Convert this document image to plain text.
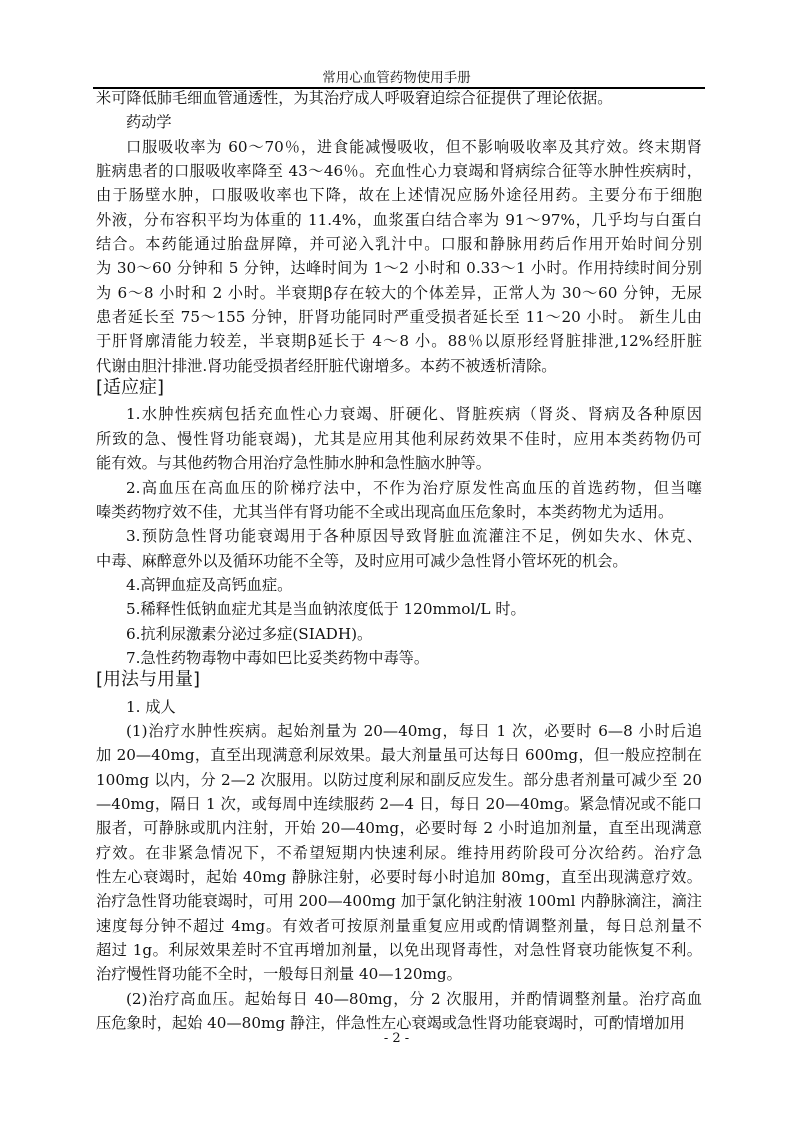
常用心血管药物使用手册
米可降低肺毛细血管通透性，为其治疗成人呼吸窘迫综合征提供了理论依据。
药动学
口服吸收率为 60～70％，进食能减慢吸收，但不影响吸收率及其疗效。终末期肾
脏病患者的口服吸收率降至 43～46％。充血性心力衰竭和肾病综合征等水肿性疾病时，
由于肠壁水肿，口服吸收率也下降，故在上述情况应肠外途径用药。主要分布于细胞
外液，分布容积平均为体重的 11.4%，血浆蛋白结合率为 91～97%，几乎均与白蛋白
结合。本药能通过胎盘屏障，并可泌入乳汁中。口服和静脉用药后作用开始时间分别
为 30～60 分钟和 5 分钟，达峰时间为 1～2 小时和 0.33～1 小时。作用持续时间分别
为 6～8 小时和 2 小时。半衰期β存在较大的个体差异，正常人为 30～60 分钟，无尿
患者延长至 75～155 分钟，肝肾功能同时严重受损者延长至 11～20 小时。 新生儿由
于肝肾廓清能力较差，半衰期β延长于 4～8 小。88％以原形经肾脏排泄,12%经肝脏
代谢由胆汁排泄.肾功能受损者经肝脏代谢增多。本药不被透析清除。
[适应症]
1.水肿性疾病包括充血性心力衰竭、肝硬化、肾脏疾病（肾炎、肾病及各种原因
所致的急、慢性肾功能衰竭)，尤其是应用其他利尿药效果不佳时，应用本类药物仍可
能有效。与其他药物合用治疗急性肺水肿和急性脑水肿等。
2.高血压在高血压的阶梯疗法中，不作为治疗原发性高血压的首选药物，但当噻
嗪类药物疗效不佳，尤其当伴有肾功能不全或出现高血压危象时，本类药物尤为适用。
3.预防急性肾功能衰竭用于各种原因导致肾脏血流灌注不足，例如失水、休克、
中毒、麻醉意外以及循环功能不全等，及时应用可减少急性肾小管坏死的机会。
4.高钾血症及高钙血症。
5.稀释性低钠血症尤其是当血钠浓度低于 120mmol/L 时。
6.抗利尿激素分泌过多症(SIADH)。
7.急性药物毒物中毒如巴比妥类药物中毒等。
[用法与用量]
1. 成人
(1)治疗水肿性疾病。起始剂量为 20—40mg，每日 1 次，必要时 6—8 小时后追
加 20—40mg，直至出现满意利尿效果。最大剂量虽可达每日 600mg，但一般应控制在
100mg 以内，分 2—2 次服用。以防过度利尿和副反应发生。部分患者剂量可减少至 20
—40mg，隔日 1 次，或每周中连续服药 2—4 日，每日 20—40mg。紧急情况或不能口
服者，可静脉或肌内注射，开始 20—40mg，必要时每 2 小时追加剂量，直至出现满意
疗效。在非紧急情况下，不希望短期内快速利尿。维持用药阶段可分次给药。治疗急
性左心衰竭时，起始 40mg 静脉注射，必要时每小时追加 80mg，直至出现满意疗效。
治疗急性肾功能衰竭时，可用 200—400mg 加于氯化钠注射液 100ml 内静脉滴注，滴注
速度每分钟不超过 4mg。有效者可按原剂量重复应用或酌情调整剂量，每日总剂量不
超过 1g。利尿效果差时不宜再增加剂量，以免出现肾毒性，对急性肾衰功能恢复不利。
治疗慢性肾功能不全时，一般每日剂量 40—120mg。
(2)治疗高血压。起始每日 40—80mg，分 2 次服用，并酌情调整剂量。治疗高血
压危象时，起始 40—80mg 静注，伴急性左心衰竭或急性肾功能衰竭时，可酌情增加用
- 2 -
